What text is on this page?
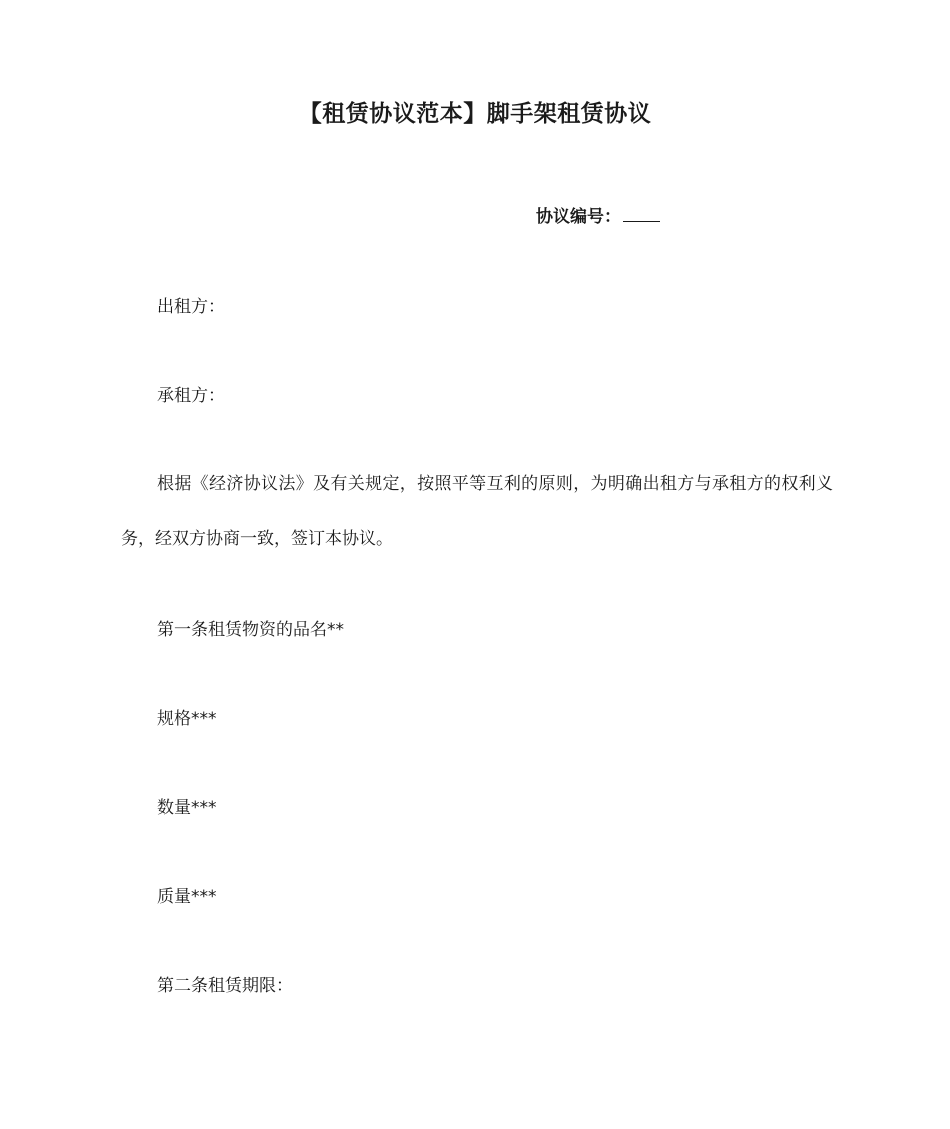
【租赁协议范本】脚手架租赁协议
协议编号：
出租方：
承租方：
根据《经济协议法》及有关规定，按照平等互利的原则，为明确出租方与承租方的权利义务，经双方协商一致，签订本协议。
第一条租赁物资的品名**
规格***
数量***
质量***
第二条租赁期限：
